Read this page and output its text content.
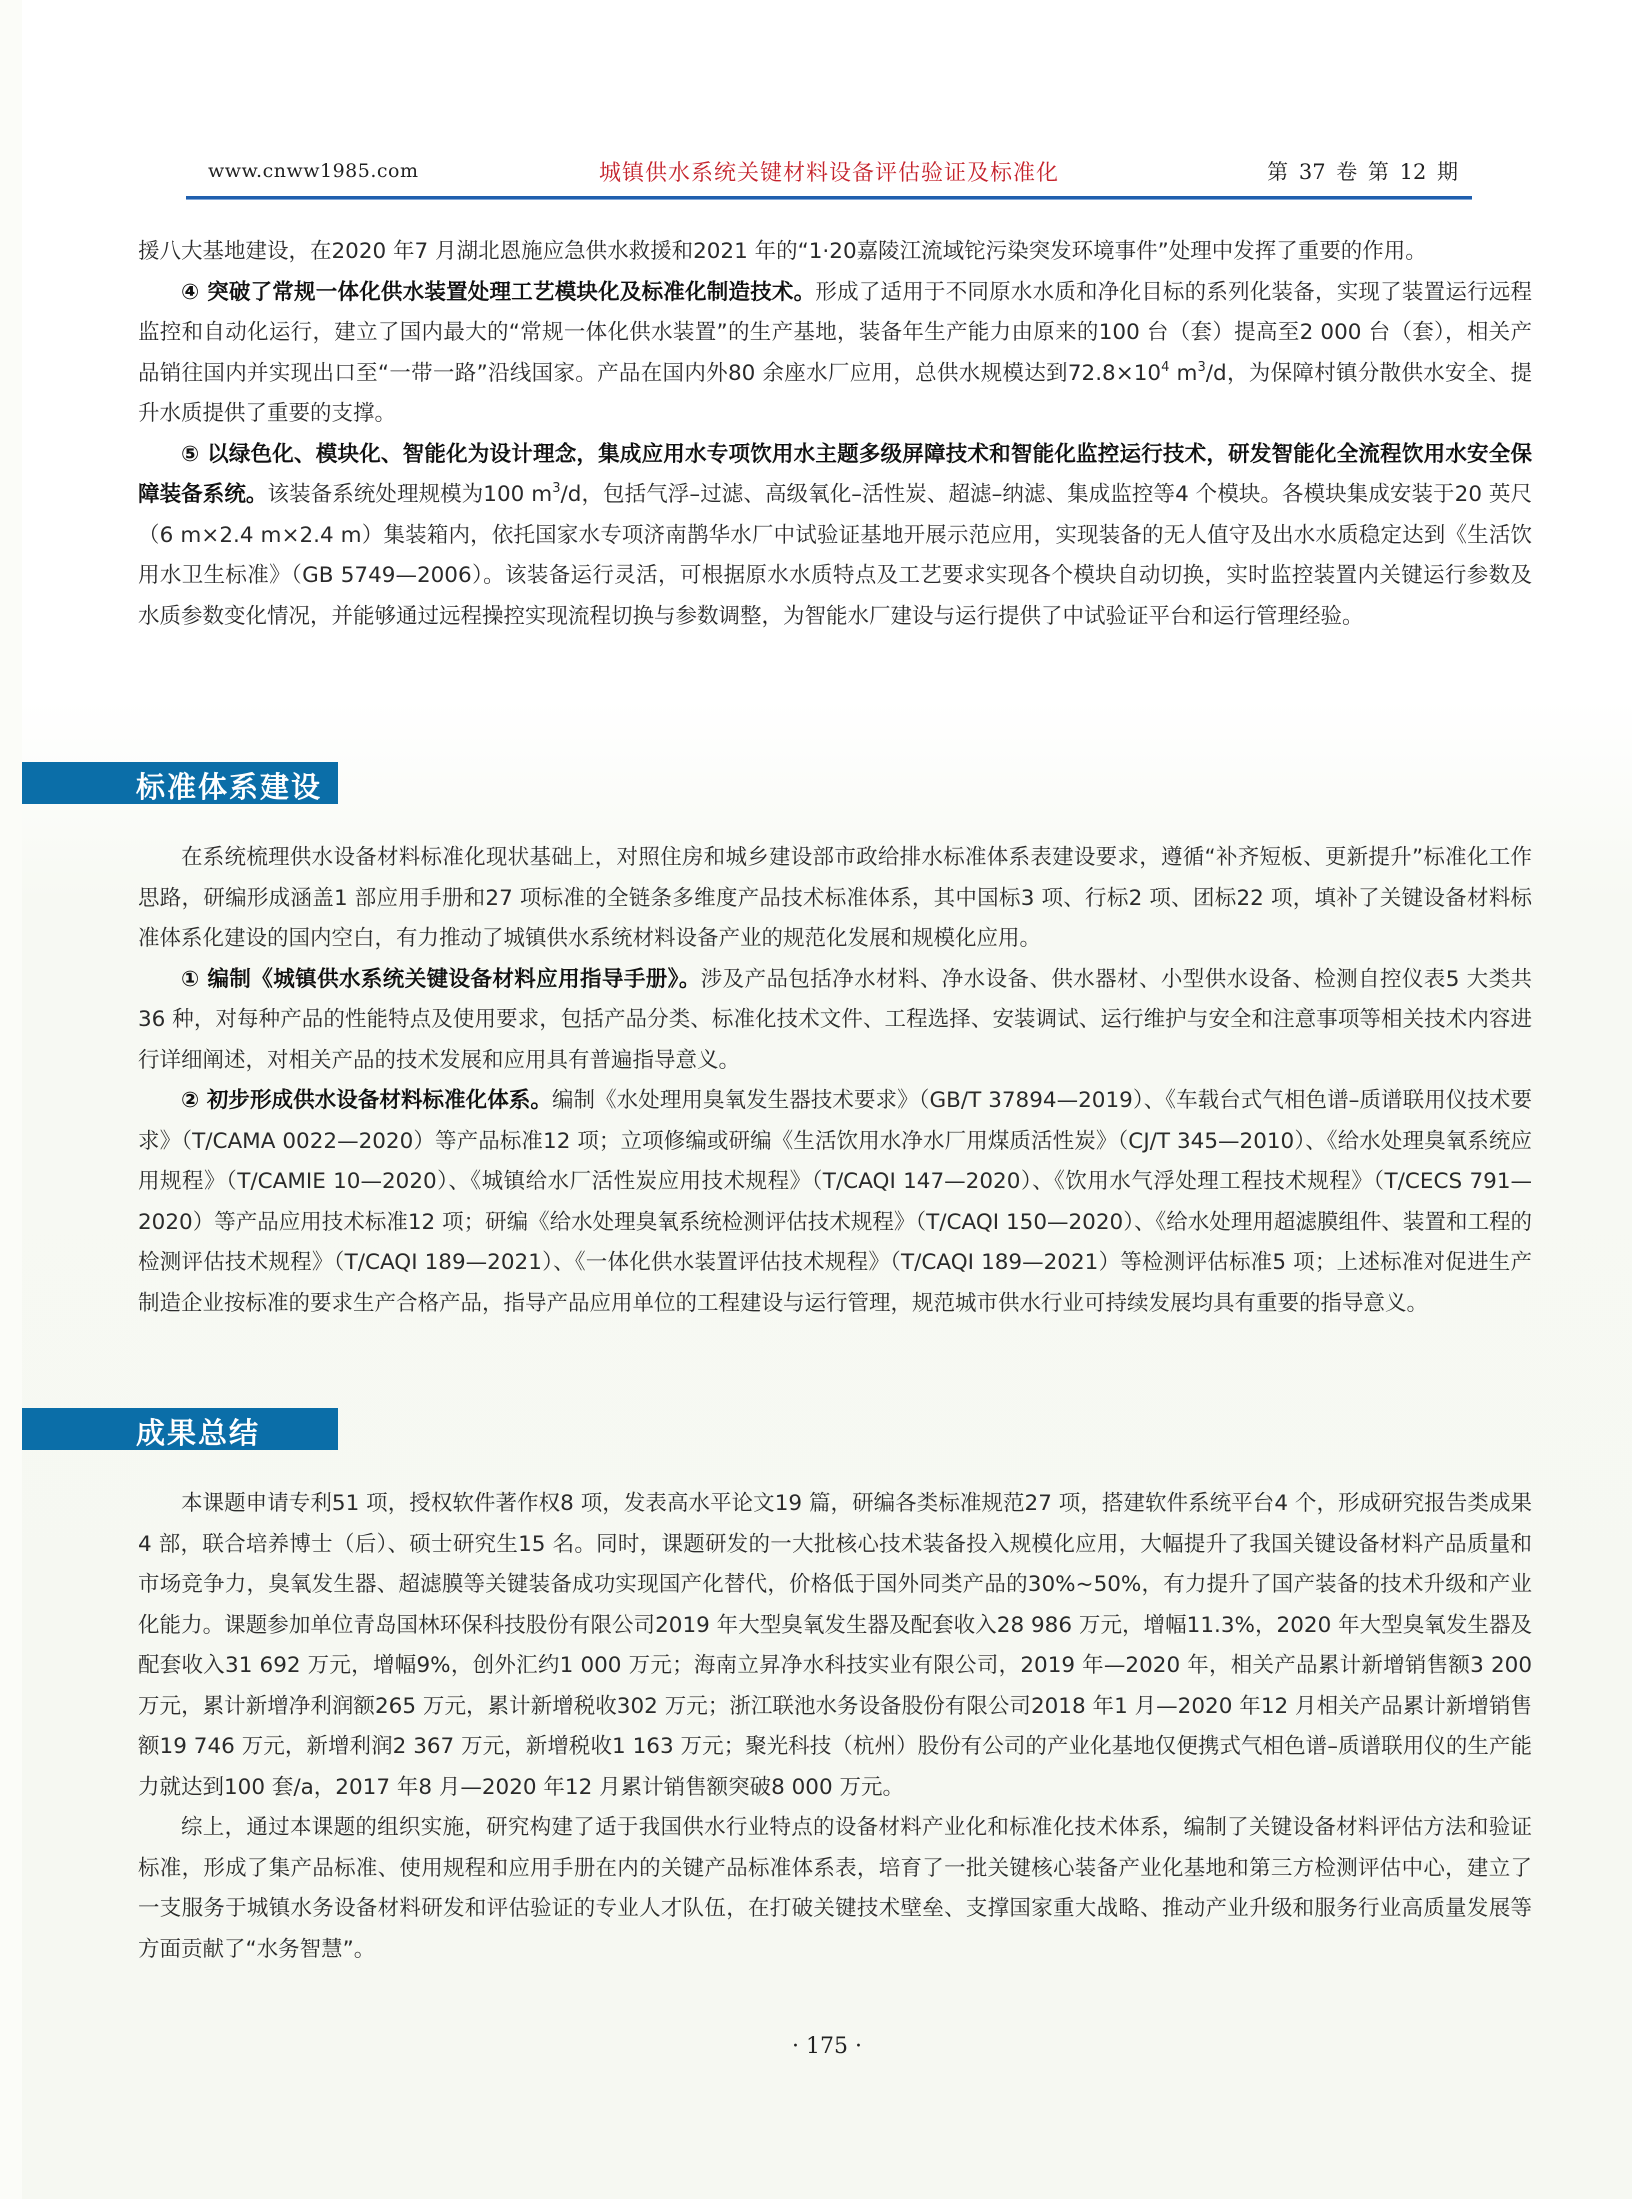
www.cnww1985.com	城镇供水系统关键材料设备评估验证及标准化	第 37 卷 第 12 期

援八大基地建设，在2020 年7 月湖北恩施应急供水救援和2021 年的“1·20嘉陵江流域铊污染突发环境事件”处理中发挥了重要的作用。

④ 突破了常规一体化供水装置处理工艺模块化及标准化制造技术。形成了适用于不同原水水质和净化目标的系列化装备，实现了装置运行远程监控和自动化运行，建立了国内最大的“常规一体化供水装置”的生产基地，装备年生产能力由原来的100 台（套）提高至2 000 台（套），相关产品销往国内并实现出口至“一带一路”沿线国家。产品在国内外80 余座水厂应用，总供水规模达到$72.8\times 10^4$ $m^3/d$，为保障村镇分散供水安全、提升水质提供了重要的支撑。

⑤ 以绿色化、模块化、智能化为设计理念，集成应用水专项饮用水主题多级屏障技术和智能化监控运行技术，研发智能化全流程饮用水安全保障装备系统。该装备系统处理规模为100 $m^3/d$，包括气浮–过滤、高级氧化–活性炭、超滤–纳滤、集成监控等4 个模块。各模块集成安装于20 英尺（6 m×2.4 m×2.4 m）集装箱内，依托国家水专项济南鹊华水厂中试验证基地开展示范应用，实现装备的无人值守及出水水质稳定达到《生活饮用水卫生标准》（GB 5749—2006）。该装备运行灵活，可根据原水水质特点及工艺要求实现各个模块自动切换，实时监控装置内关键运行参数及水质参数变化情况，并能够通过远程操控实现流程切换与参数调整，为智能水厂建设与运行提供了中试验证平台和运行管理经验。

标准体系建设

在系统梳理供水设备材料标准化现状基础上，对照住房和城乡建设部市政给排水标准体系表建设要求，遵循“补齐短板、更新提升”标准化工作思路，研编形成涵盖1 部应用手册和27 项标准的全链条多维度产品技术标准体系，其中国标3 项、行标2 项、团标22 项，填补了关键设备材料标准体系化建设的国内空白，有力推动了城镇供水系统材料设备产业的规范化发展和规模化应用。

① 编制《城镇供水系统关键设备材料应用指导手册》。涉及产品包括净水材料、净水设备、供水器材、小型供水设备、检测自控仪表5 大类共36 种，对每种产品的性能特点及使用要求，包括产品分类、标准化技术文件、工程选择、安装调试、运行维护与安全和注意事项等相关技术内容进行详细阐述，对相关产品的技术发展和应用具有普遍指导意义。

② 初步形成供水设备材料标准化体系。编制《水处理用臭氧发生器技术要求》（GB/T 37894—2019）、《车载台式气相色谱–质谱联用仪技术要求》（T/CAMA 0022—2020）等产品标准12 项；立项修编或研编《生活饮用水净水厂用煤质活性炭》（CJ/T 345—2010）、《给水处理臭氧系统应用规程》（T/CAMIE 10—2020）、《城镇给水厂活性炭应用技术规程》（T/CAQI 147—2020）、《饮用水气浮处理工程技术规程》（T/CECS 791—2020）等产品应用技术标准12 项；研编《给水处理臭氧系统检测评估技术规程》（T/CAQI 150—2020）、《给水处理用超滤膜组件、装置和工程的检测评估技术规程》（T/CAQI 189—2021）、《一体化供水装置评估技术规程》（T/CAQI 189—2021）等检测评估标准5 项；上述标准对促进生产制造企业按标准的要求生产合格产品，指导产品应用单位的工程建设与运行管理，规范城市供水行业可持续发展均具有重要的指导意义。

成果总结

本课题申请专利51 项，授权软件著作权8 项，发表高水平论文19 篇，研编各类标准规范27 项，搭建软件系统平台4 个，形成研究报告类成果4 部，联合培养博士（后）、硕士研究生15 名。同时，课题研发的一大批核心技术装备投入规模化应用，大幅提升了我国关键设备材料产品质量和市场竞争力，臭氧发生器、超滤膜等关键装备成功实现国产化替代，价格低于国外同类产品的30%~50%，有力提升了国产装备的技术升级和产业化能力。课题参加单位青岛国林环保科技股份有限公司2019 年大型臭氧发生器及配套收入28 986 万元，增幅11.3%，2020 年大型臭氧发生器及配套收入31 692 万元，增幅9%，创外汇约1 000 万元；海南立昇净水科技实业有限公司，2019 年—2020 年，相关产品累计新增销售额3 200 万元，累计新增净利润额265 万元，累计新增税收302 万元；浙江联池水务设备股份有限公司2018 年1 月—2020 年12 月相关产品累计新增销售额19 746 万元，新增利润2 367 万元，新增税收1 163 万元；聚光科技（杭州）股份有公司的产业化基地仅便携式气相色谱–质谱联用仪的生产能力就达到100 套/a，2017 年8 月—2020 年12 月累计销售额突破8 000 万元。

综上，通过本课题的组织实施，研究构建了适于我国供水行业特点的设备材料产业化和标准化技术体系，编制了关键设备材料评估方法和验证标准，形成了集产品标准、使用规程和应用手册在内的关键产品标准体系表，培育了一批关键核心装备产业化基地和第三方检测评估中心，建立了一支服务于城镇水务设备材料研发和评估验证的专业人才队伍，在打破关键技术壁垒、支撑国家重大战略、推动产业升级和服务行业高质量发展等方面贡献了“水务智慧”。

· 175 ·
